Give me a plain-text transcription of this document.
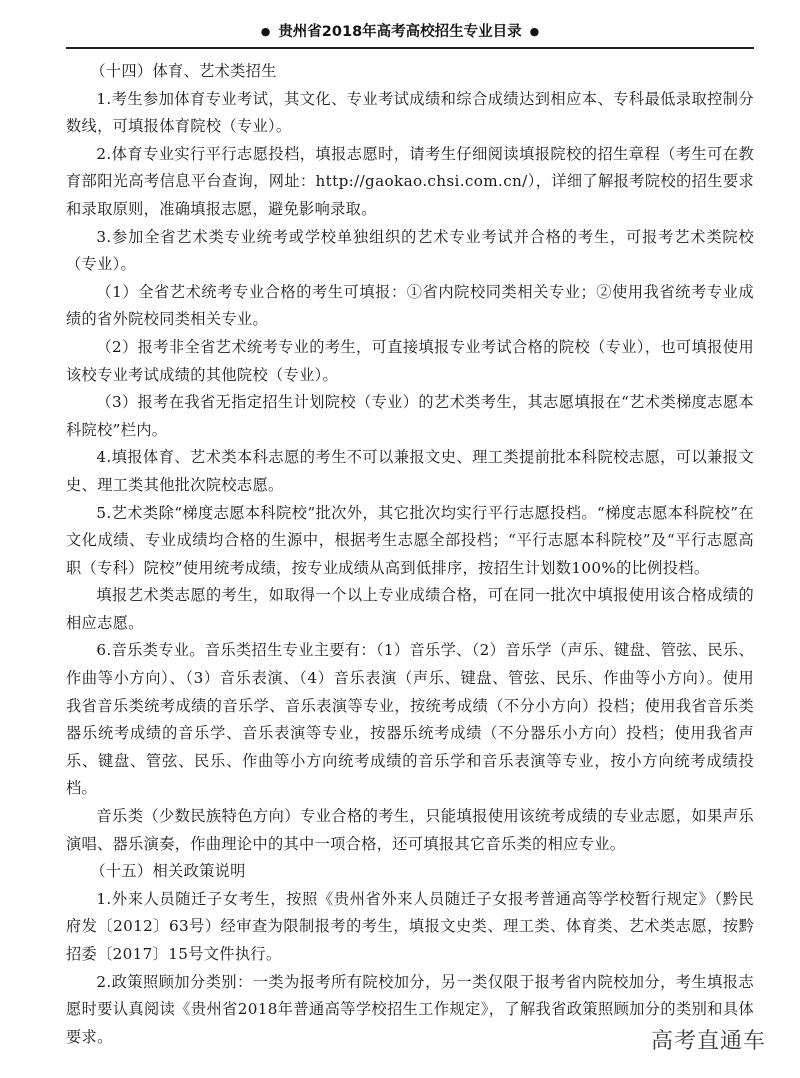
● 贵州省2018年高考高校招生专业目录 ●

（十四）体育、艺术类招生

1.考生参加体育专业考试，其文化、专业考试成绩和综合成绩达到相应本、专科最低录取控制分数线，可填报体育院校（专业）。

2.体育专业实行平行志愿投档，填报志愿时，请考生仔细阅读填报院校的招生章程（考生可在教育部阳光高考信息平台查询，网址：http://gaokao.chsi.com.cn/），详细了解报考院校的招生要求和录取原则，准确填报志愿，避免影响录取。

3.参加全省艺术类专业统考或学校单独组织的艺术专业考试并合格的考生，可报考艺术类院校（专业）。

（1）全省艺术统考专业合格的考生可填报：①省内院校同类相关专业；②使用我省统考专业成绩的省外院校同类相关专业。

（2）报考非全省艺术统考专业的考生，可直接填报专业考试合格的院校（专业），也可填报使用该校专业考试成绩的其他院校（专业）。

（3）报考在我省无指定招生计划院校（专业）的艺术类考生，其志愿填报在“艺术类梯度志愿本科院校”栏内。

4.填报体育、艺术类本科志愿的考生不可以兼报文史、理工类提前批本科院校志愿，可以兼报文史、理工类其他批次院校志愿。

5.艺术类除“梯度志愿本科院校”批次外，其它批次均实行平行志愿投档。“梯度志愿本科院校”在文化成绩、专业成绩均合格的生源中，根据考生志愿全部投档；“平行志愿本科院校”及“平行志愿高职（专科）院校”使用统考成绩，按专业成绩从高到低排序，按招生计划数100%的比例投档。

填报艺术类志愿的考生，如取得一个以上专业成绩合格，可在同一批次中填报使用该合格成绩的相应志愿。

6.音乐类专业。音乐类招生专业主要有：（1）音乐学、（2）音乐学（声乐、键盘、管弦、民乐、作曲等小方向）、（3）音乐表演、（4）音乐表演（声乐、键盘、管弦、民乐、作曲等小方向）。使用我省音乐类统考成绩的音乐学、音乐表演等专业，按统考成绩（不分小方向）投档；使用我省音乐类器乐统考成绩的音乐学、音乐表演等专业，按器乐统考成绩（不分器乐小方向）投档；使用我省声乐、键盘、管弦、民乐、作曲等小方向统考成绩的音乐学和音乐表演等专业，按小方向统考成绩投档。

音乐类（少数民族特色方向）专业合格的考生，只能填报使用该统考成绩的专业志愿，如果声乐演唱、器乐演奏，作曲理论中的其中一项合格，还可填报其它音乐类的相应专业。

（十五）相关政策说明

1.外来人员随迁子女考生，按照《贵州省外来人员随迁子女报考普通高等学校暂行规定》（黔民府发〔2012〕63号）经审查为限制报考的考生，填报文史类、理工类、体育类、艺术类志愿，按黔招委〔2017〕15号文件执行。

2.政策照顾加分类别：一类为报考所有院校加分，另一类仅限于报考省内院校加分，考生填报志愿时要认真阅读《贵州省2018年普通高等学校招生工作规定》，了解我省政策照顾加分的类别和具体要求。	高考直通车
